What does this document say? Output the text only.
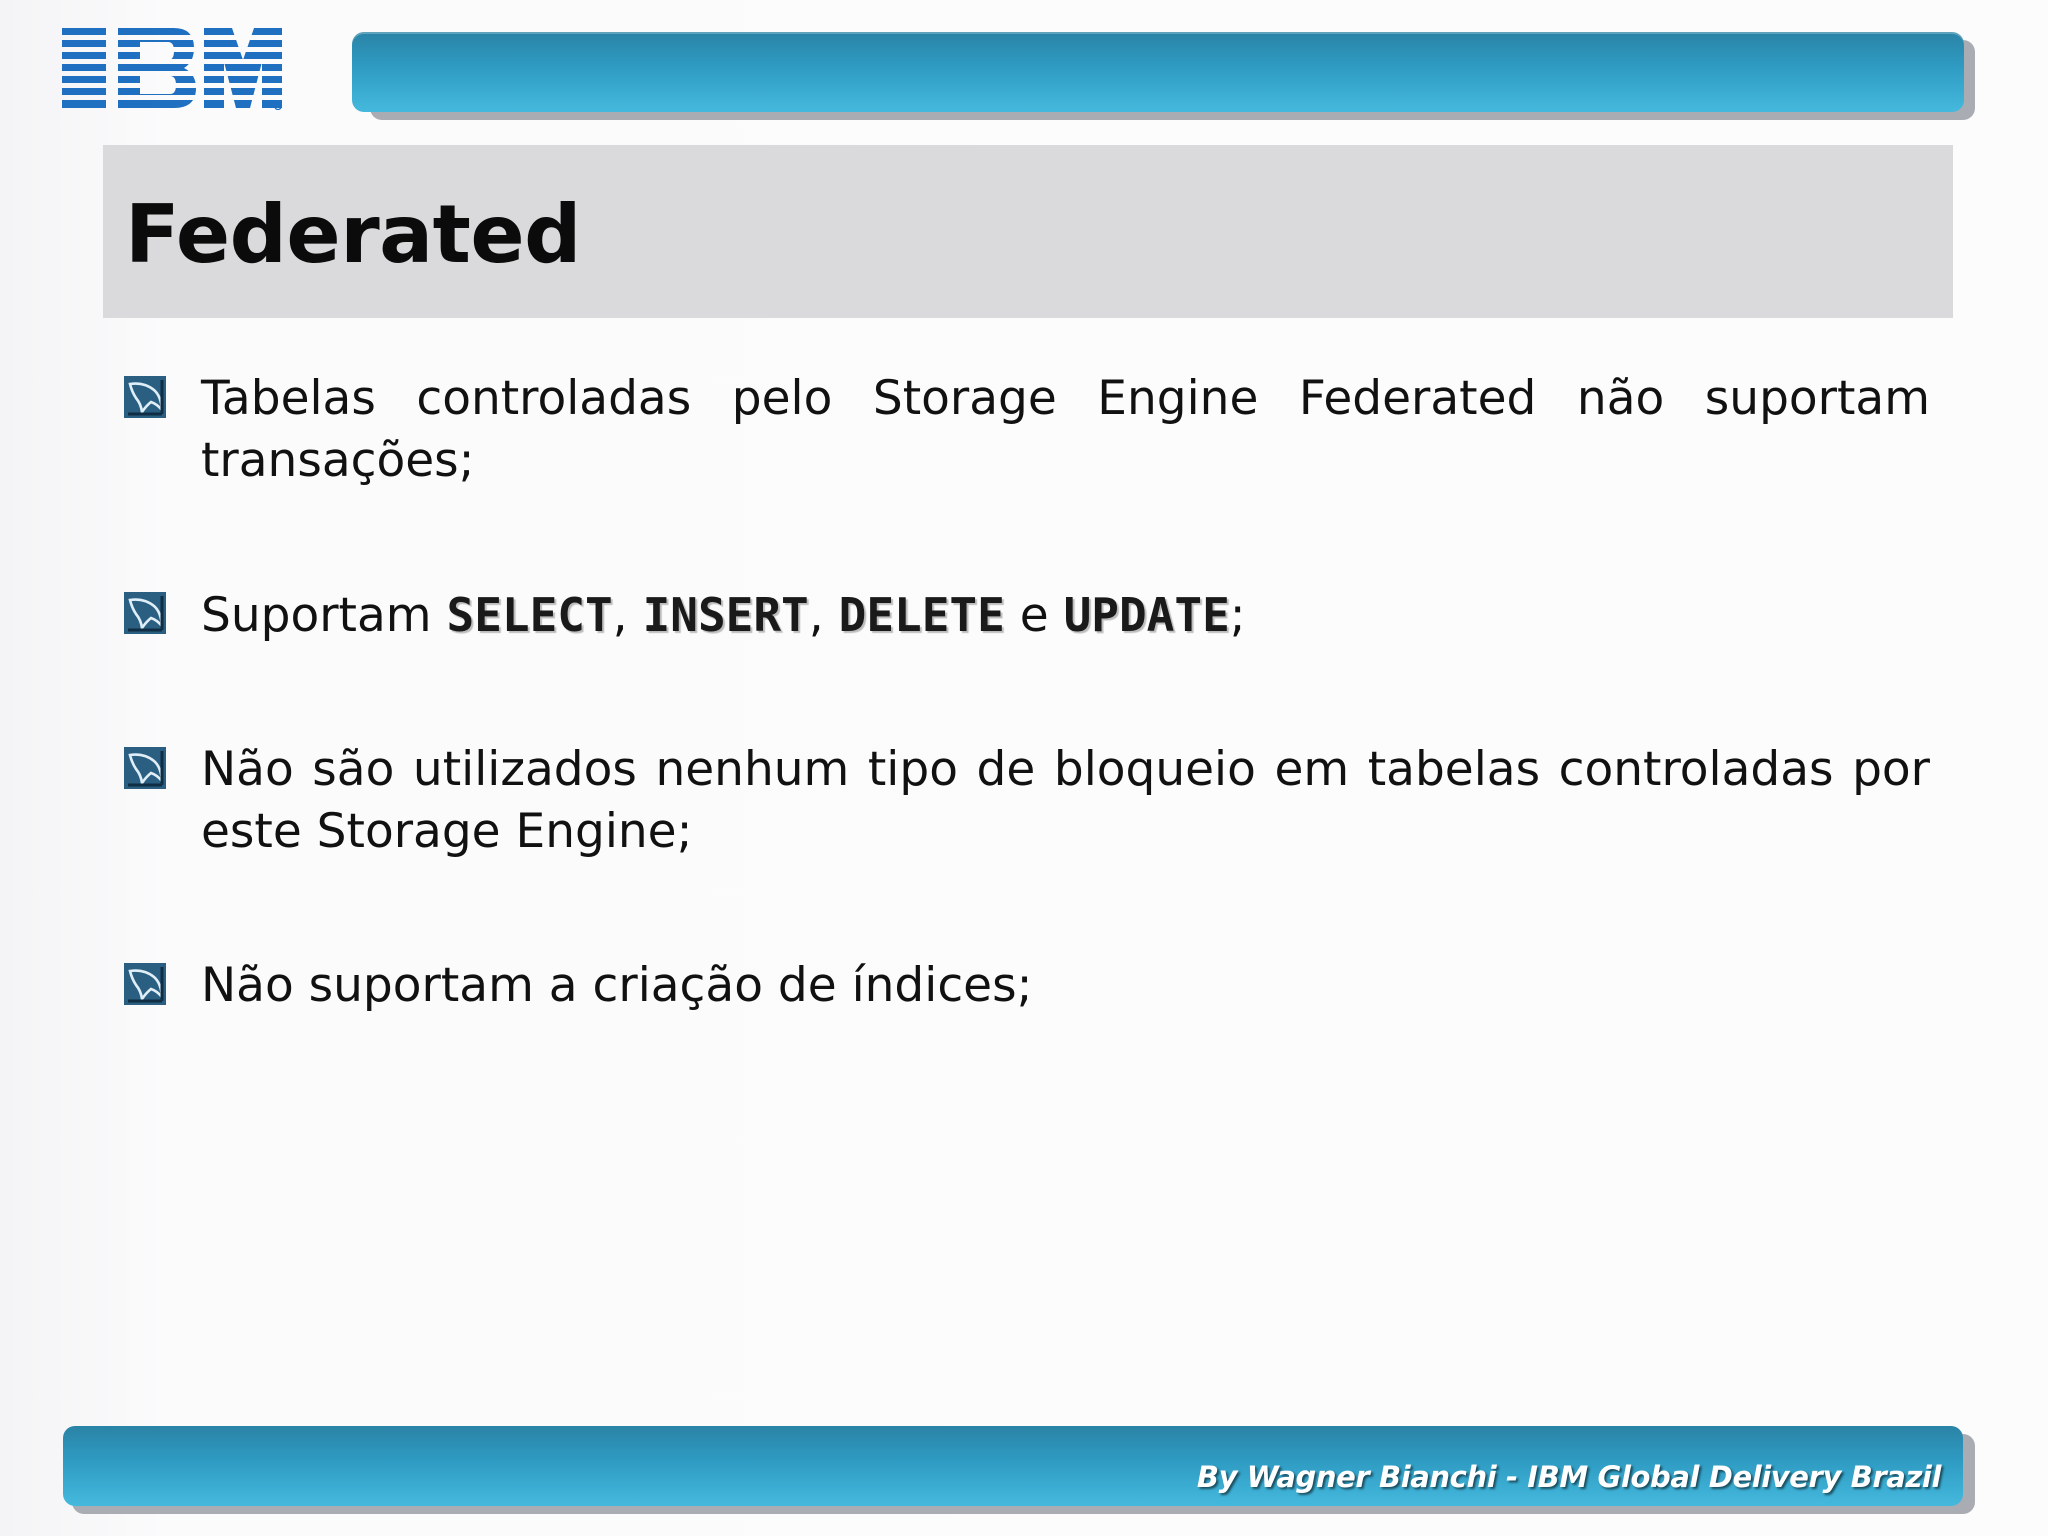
Federated
Tabelas controladas pelo Storage Engine Federated não suportam transações;
Suportam SELECT, INSERT, DELETE e UPDATE;
Não são utilizados nenhum tipo de bloqueio em tabelas controladas por este Storage Engine;
Não suportam a criação de índices;
By Wagner Bianchi - IBM Global Delivery Brazil
